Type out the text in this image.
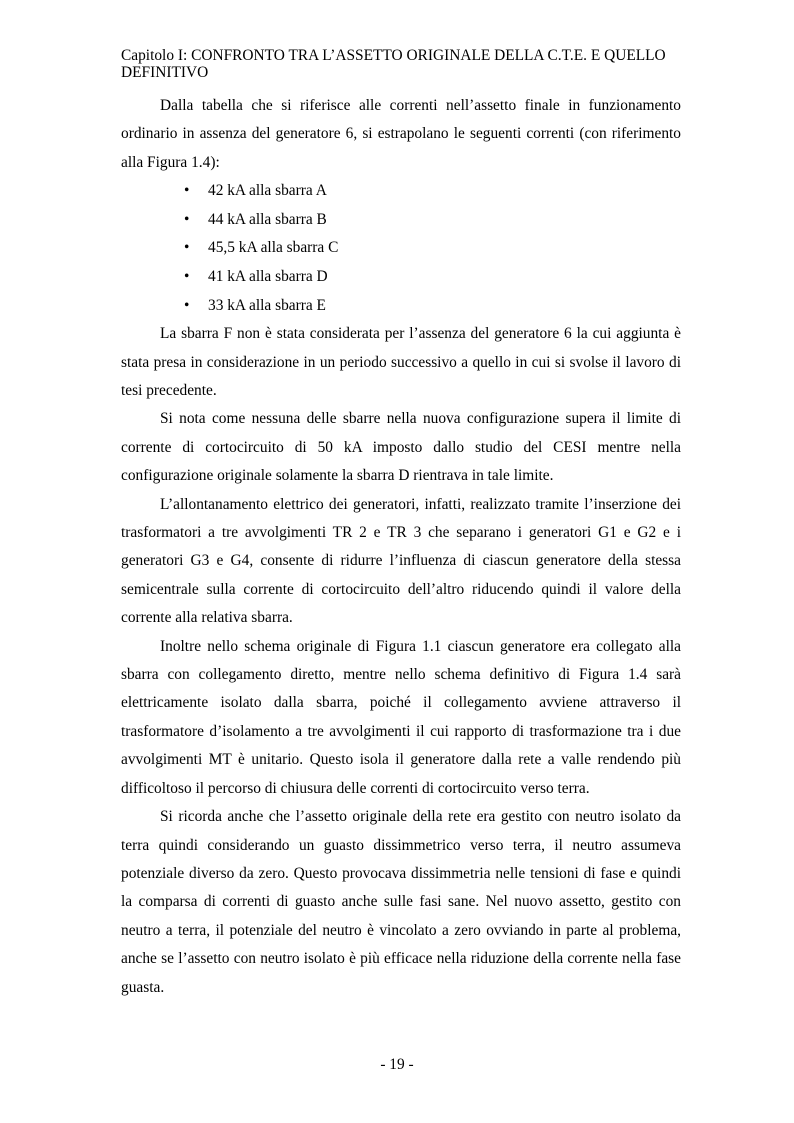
Capitolo I: CONFRONTO TRA L’ASSETTO ORIGINALE DELLA C.T.E. E QUELLO
DEFINITIVO

Dalla tabella che si riferisce alle correnti nell’assetto finale in funzionamento ordinario in assenza del generatore 6, si estrapolano le seguenti correnti (con riferimento alla Figura 1.4):

• 42 kA alla sbarra A
• 44 kA alla sbarra B
• 45,5 kA alla sbarra C
• 41 kA alla sbarra D
• 33 kA alla sbarra E

La sbarra F non è stata considerata per l’assenza del generatore 6 la cui aggiunta è stata presa in considerazione in un periodo successivo a quello in cui si svolse il lavoro di tesi precedente.

Si nota come nessuna delle sbarre nella nuova configurazione supera il limite di corrente di cortocircuito di 50 kA imposto dallo studio del CESI mentre nella configurazione originale solamente la sbarra D rientrava in tale limite.

L’allontanamento elettrico dei generatori, infatti, realizzato tramite l’inserzione dei trasformatori a tre avvolgimenti TR 2 e TR 3 che separano i generatori G1 e G2 e i generatori G3 e G4, consente di ridurre l’influenza di ciascun generatore della stessa semicentrale sulla corrente di cortocircuito dell’altro riducendo quindi il valore della corrente alla relativa sbarra.

Inoltre nello schema originale di Figura 1.1 ciascun generatore era collegato alla sbarra con collegamento diretto, mentre nello schema definitivo di Figura 1.4 sarà elettricamente isolato dalla sbarra, poiché il collegamento avviene attraverso il trasformatore d’isolamento a tre avvolgimenti il cui rapporto di trasformazione tra i due avvolgimenti MT è unitario. Questo isola il generatore dalla rete a valle rendendo più difficoltoso il percorso di chiusura delle correnti di cortocircuito verso terra.

Si ricorda anche che l’assetto originale della rete era gestito con neutro isolato da terra quindi considerando un guasto dissimmetrico verso terra, il neutro assumeva potenziale diverso da zero. Questo provocava dissimmetria nelle tensioni di fase e quindi la comparsa di correnti di guasto anche sulle fasi sane. Nel nuovo assetto, gestito con neutro a terra, il potenziale del neutro è vincolato a zero ovviando in parte al problema, anche se l’assetto con neutro isolato è più efficace nella riduzione della corrente nella fase guasta.

- 19 -
